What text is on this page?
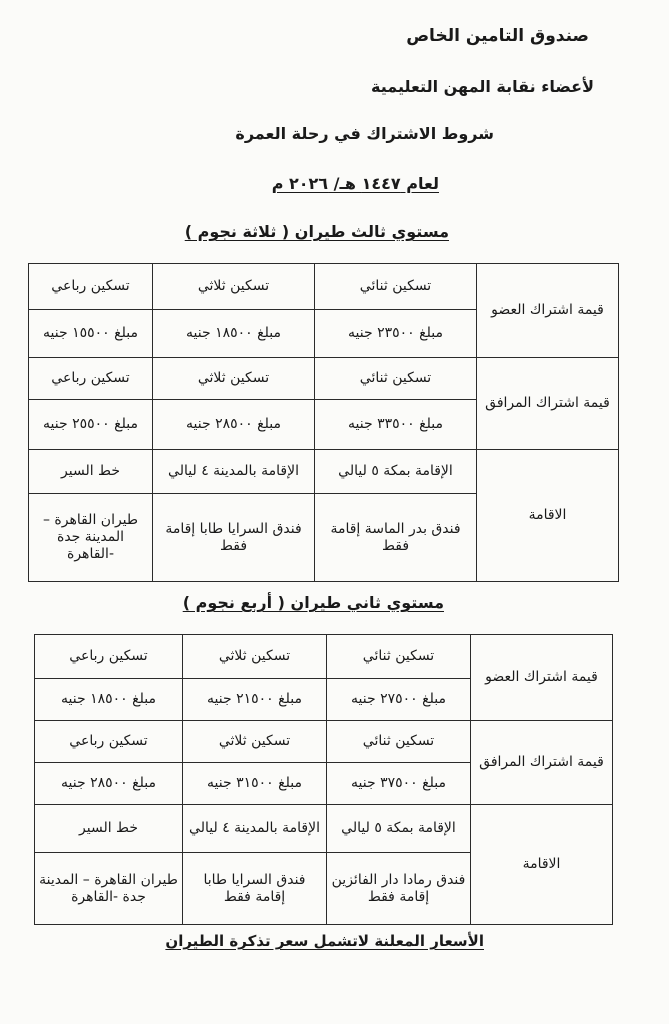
صندوق التامين الخاص
لأعضاء نقابة المهن التعليمية
شروط الاشتراك في رحلة العمرة
لعام ١٤٤٧ هـ/ ٢٠٢٦ م
مستوي ثالث طيران ( ثلاثة نجوم )
قيمة اشتراك العضو	تسكين ثنائي	تسكين ثلاثي	تسكين رباعي
	مبلغ ٢٣٥٠٠ جنيه	مبلغ ١٨٥٠٠ جنيه	مبلغ ١٥٥٠٠ جنيه
قيمة اشتراك المرافق	تسكين ثنائي	تسكين ثلاثي	تسكين رباعي
	مبلغ ٣٣٥٠٠ جنيه	مبلغ ٢٨٥٠٠ جنيه	مبلغ ٢٥٥٠٠ جنيه
الاقامة	الإقامة بمكة ٥ ليالي	الإقامة بالمدينة ٤ ليالي	خط السير
	فندق بدر الماسة إقامة فقط	فندق السرايا طابا إقامة فقط	طيران القاهرة – المدينة جدة -القاهرة
مستوي ثاني طيران ( أربع نجوم )
قيمة اشتراك العضو	تسكين ثنائي	تسكين ثلاثي	تسكين رباعي
	مبلغ ٢٧٥٠٠ جنيه	مبلغ ٢١٥٠٠ جنيه	مبلغ ١٨٥٠٠ جنيه
قيمة اشتراك المرافق	تسكين ثنائي	تسكين ثلاثي	تسكين رباعي
	مبلغ ٣٧٥٠٠ جنيه	مبلغ ٣١٥٠٠ جنيه	مبلغ ٢٨٥٠٠ جنيه
الاقامة	الإقامة بمكة ٥ ليالي	الإقامة بالمدينة ٤ ليالي	خط السير
	فندق رمادا دار الفائزين إقامة فقط	فندق السرايا طابا إقامة فقط	طيران القاهرة – المدينة جدة -القاهرة
الأسعار المعلنة لاتشمل سعر تذكرة الطيران
